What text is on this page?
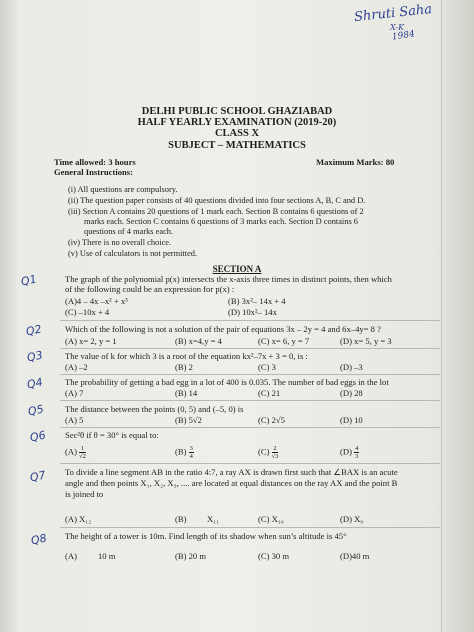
Shruti Saha
X-K
1984
DELHI PUBLIC SCHOOL GHAZIABAD
HALF YEARLY EXAMINATION (2019-20)
CLASS X
SUBJECT – MATHEMATICS
Time allowed: 3 hours	Maximum Marks: 80
General Instructions:
(i) All questions are compulsory.
(ii) The question paper consists of 40 questions divided into four sections A, B, C and D.
(iii) Section A contains 20 questions of 1 mark each. Section B contains 6 questions of 2
marks each. Section C contains 6 questions of 3 marks each. Section D contains 6
questions of 4 marks each.
(iv) There is no overall choice.
(v) Use of calculators is not permitted.
SECTION A
Q1	The graph of the polynomial p(x) intersects the x-axis three times in distinct points, then which
of the following could be an expression for p(x) :
(A)4 – 4x –x² + x³	(B) 3x²– 14x + 4
(C) –10x + 4	(D) 10x²– 14x
Q2	Which of the following is not a solution of the pair of equations 3x – 2y = 4 and 6x–4y= 8 ?
(A) x= 2, y = 1	(B) x=4,y = 4	(C) x= 6, y = 7	(D) x= 5, y = 3
Q3 The value of k for which 3 is a root of the equation kx²–7x + 3 = 0, is :
(A) –2	(B) 2	(C) 3	(D) –3
Q4 The probability of getting a bad egg in a lot of 400 is 0.035. The number of bad eggs in the lot
(A) 7	(B) 14	(C) 21	(D) 28
Q5 The distance between the points (0, 5) and (–5, 0) is
(A) 5	(B) 5√2	(C) 2√5	(D) 10
Q6 Sec²θ if θ = 30° is equal to:
$(A) \frac{1}{√2}$	$(B) \frac{3}{4}$	$(C) \frac{2}{√3}$	$(D) \frac{4}{3}$
Q7 To divide a line segment AB in the ratio 4:7, a ray AX is drawn first such that ∠BAX is an acute
angle and then points X₁, X₂, X₃, .... are located at equal distances on the ray AX and the point B
is joined to
(A) X₁₂	(B) X₁₁	(C) X₁₀	(D) X₉
Q8 The height of a tower is 10m. Find length of its shadow when sun’s altitude is 45°
(A) 10 m	(B) 20 m	(C) 30 m	(D)40 m
